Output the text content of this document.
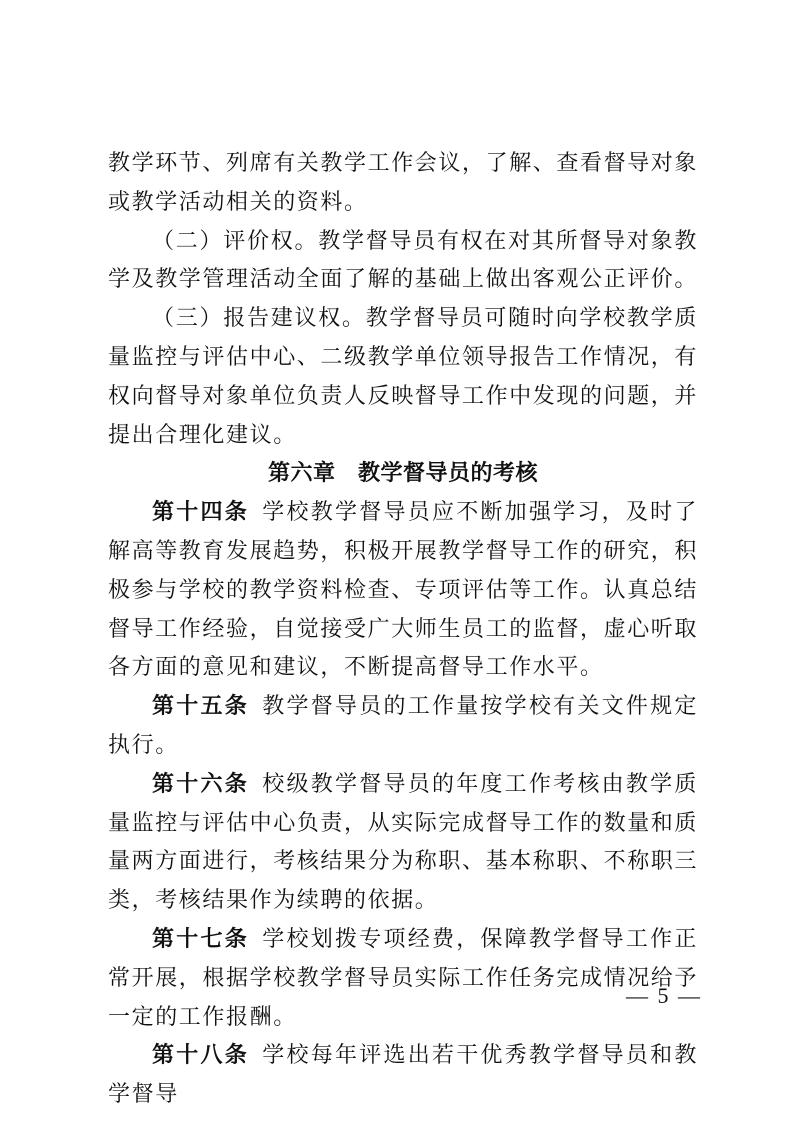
教学环节、列席有关教学工作会议，了解、查看督导对象或教学活动相关的资料。

（二）评价权。教学督导员有权在对其所督导对象教学及教学管理活动全面了解的基础上做出客观公正评价。

（三）报告建议权。教学督导员可随时向学校教学质量监控与评估中心、二级教学单位领导报告工作情况，有权向督导对象单位负责人反映督导工作中发现的问题，并提出合理化建议。

第六章　教学督导员的考核

第十四条  学校教学督导员应不断加强学习，及时了解高等教育发展趋势，积极开展教学督导工作的研究，积极参与学校的教学资料检查、专项评估等工作。认真总结督导工作经验，自觉接受广大师生员工的监督，虚心听取各方面的意见和建议，不断提高督导工作水平。

第十五条  教学督导员的工作量按学校有关文件规定执行。

第十六条  校级教学督导员的年度工作考核由教学质量监控与评估中心负责，从实际完成督导工作的数量和质量两方面进行，考核结果分为称职、基本称职、不称职三类，考核结果作为续聘的依据。

第十七条  学校划拨专项经费，保障教学督导工作正常开展，根据学校教学督导员实际工作任务完成情况给予一定的工作报酬。

第十八条  学校每年评选出若干优秀教学督导员和教学督导

— 5 —
